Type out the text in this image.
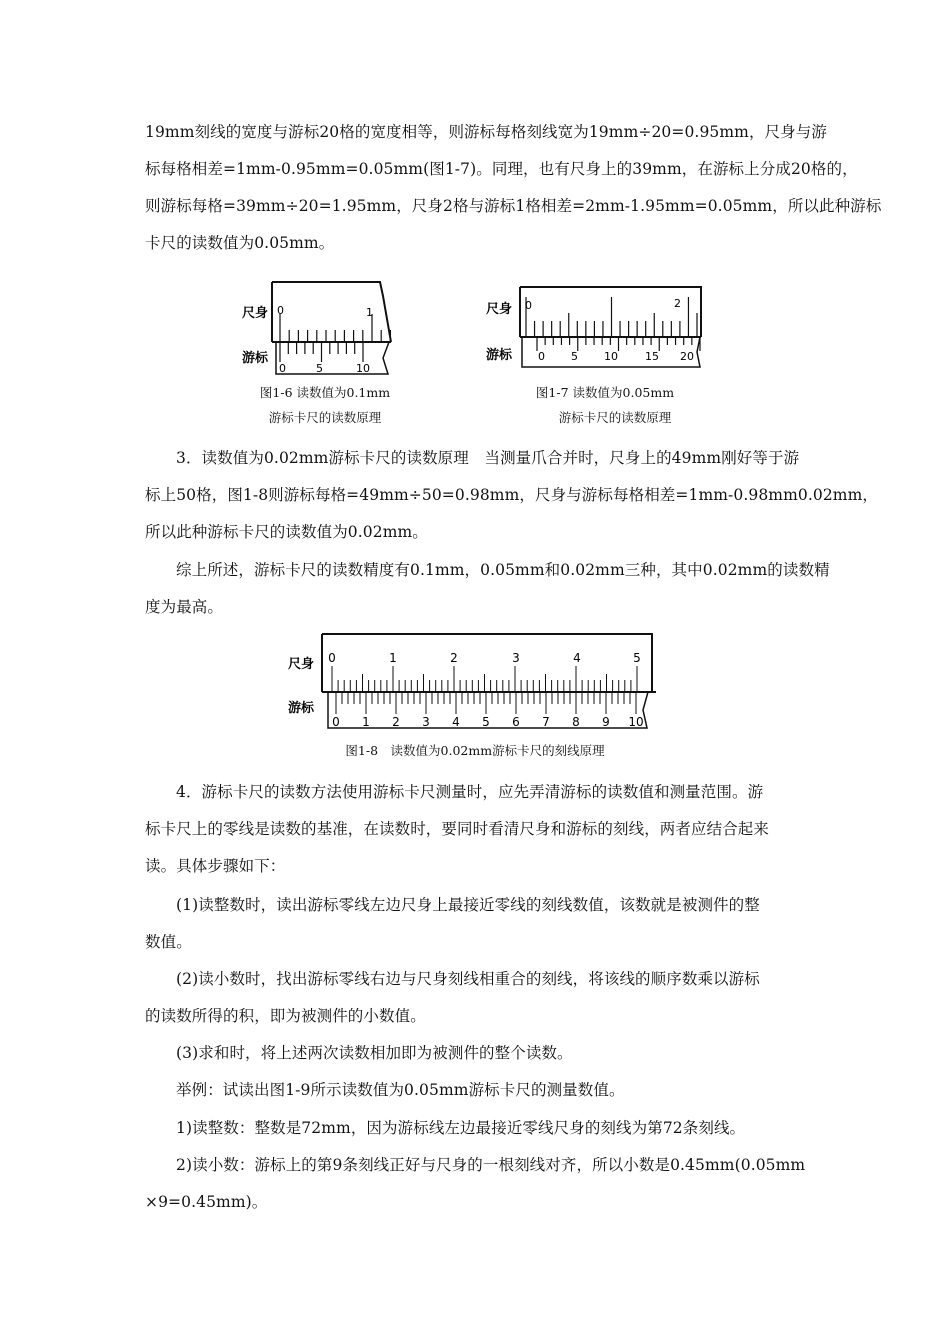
19mm刻线的宽度与游标20格的宽度相等，则游标每格刻线宽为19mm÷20=0.95mm，尺身与游
标每格相差=1mm-0.95mm=0.05mm(图1-7)。同理，也有尺身上的39mm，在游标上分成20格的，
则游标每格=39mm÷20=1.95mm，尺身2格与游标1格相差=2mm-1.95mm=0.05mm，所以此种游标
卡尺的读数值为0.05mm。

尺身
游标
0	1
0	5	10
图1-6 读数值为0.1mm
游标卡尺的读数原理
尺身
游标
0	2
0 5 10 15 20
图1-7 读数值为0.05mm
游标卡尺的读数原理

3．读数值为0.02mm游标卡尺的读数原理　当测量爪合并时，尺身上的49mm刚好等于游
标上50格，图1-8则游标每格=49mm÷50=0.98mm，尺身与游标每格相差=1mm-0.98mm0.02mm，
所以此种游标卡尺的读数值为0.02mm。

综上所述，游标卡尺的读数精度有0.1mm，0.05mm和0.02mm三种，其中0.02mm的读数精
度为最高。

尺身
游标
0	1	2	3	4	5
0 1 2 3 4 5 6 7 8 9 10
图1-8　读数值为0.02mm游标卡尺的刻线原理

4．游标卡尺的读数方法使用游标卡尺测量时，应先弄清游标的读数值和测量范围。游
标卡尺上的零线是读数的基准，在读数时，要同时看清尺身和游标的刻线，两者应结合起来
读。具体步骤如下：

(1)读整数时，读出游标零线左边尺身上最接近零线的刻线数值，该数就是被测件的整
数值。

(2)读小数时，找出游标零线右边与尺身刻线相重合的刻线，将该线的顺序数乘以游标
的读数所得的积，即为被测件的小数值。

(3)求和时，将上述两次读数相加即为被测件的整个读数。

举例：试读出图1-9所示读数值为0.05mm游标卡尺的测量数值。

1)读整数：整数是72mm，因为游标线左边最接近零线尺身的刻线为第72条刻线。

2)读小数：游标上的第9条刻线正好与尺身的一根刻线对齐，所以小数是0.45mm(0.05mm
×9=0.45mm)。
